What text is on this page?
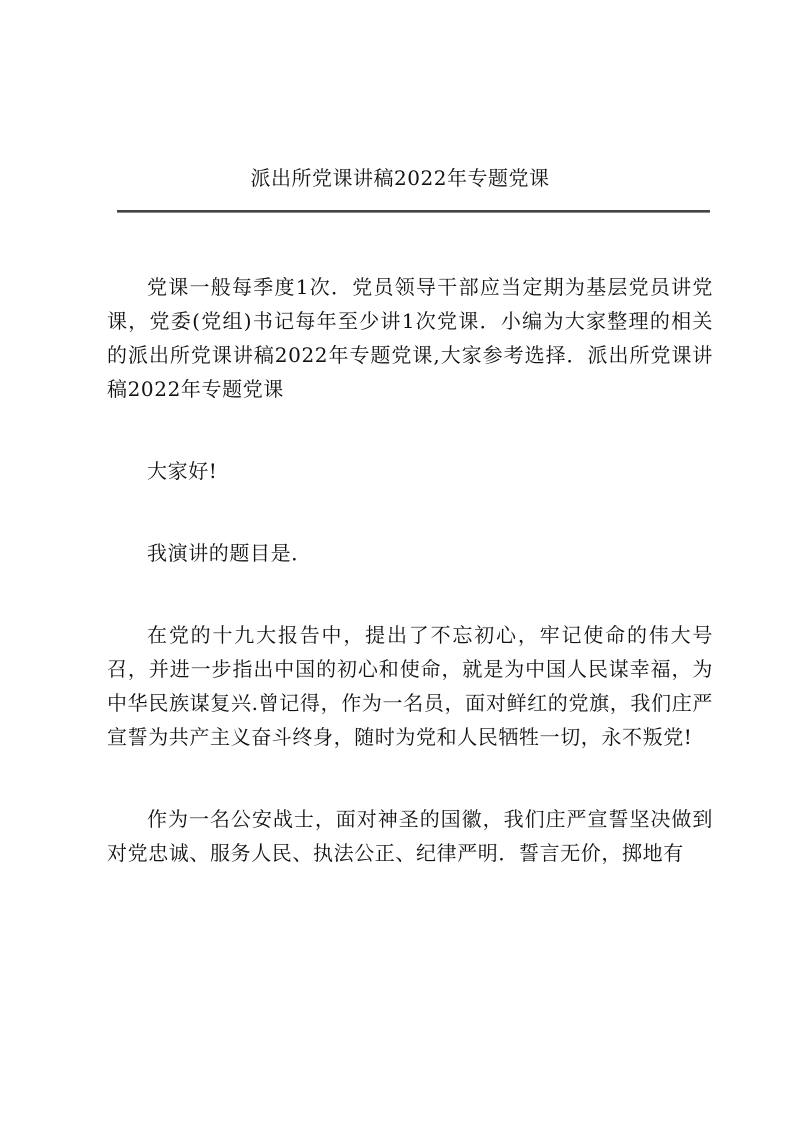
派出所党课讲稿2022年专题党课

党课一般每季度1次．党员领导干部应当定期为基层党员讲党课，党委(党组)书记每年至少讲1次党课．小编为大家整理的相关的派出所党课讲稿2022年专题党课,大家参考选择．派出所党课讲稿2022年专题党课

大家好!

我演讲的题目是．

在党的十九大报告中，提出了不忘初心，牢记使命的伟大号召，并进一步指出中国的初心和使命，就是为中国人民谋幸福，为中华民族谋复兴.曾记得，作为一名员，面对鲜红的党旗，我们庄严宣誓为共产主义奋斗终身，随时为党和人民牺牲一切，永不叛党!

作为一名公安战士，面对神圣的国徽，我们庄严宣誓坚决做到对党忠诚、服务人民、执法公正、纪律严明．誓言无价，掷地有
